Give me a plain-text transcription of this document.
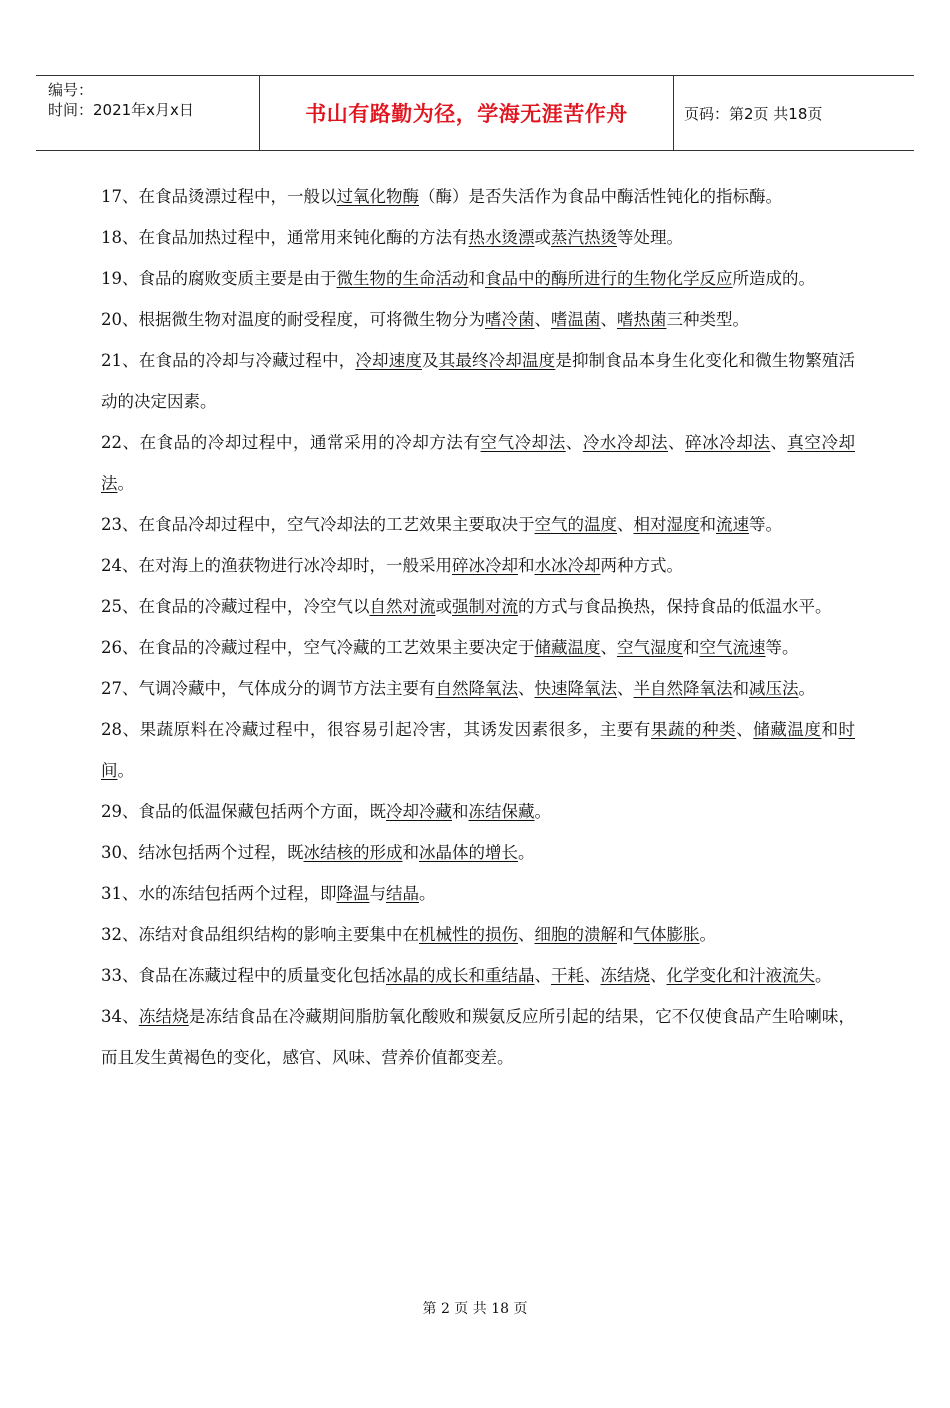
编号：
时间：2021年x月x日	书山有路勤为径，学海无涯苦作舟	页码：第2页 共18页

17、在食品烫漂过程中，一般以过氧化物酶（酶）是否失活作为食品中酶活性钝化的指标酶。

18、在食品加热过程中，通常用来钝化酶的方法有热水烫漂或蒸汽热烫等处理。

19、食品的腐败变质主要是由于微生物的生命活动和食品中的酶所进行的生物化学反应所造成的。

20、根据微生物对温度的耐受程度，可将微生物分为嗜冷菌、嗜温菌、嗜热菌三种类型。

21、在食品的冷却与冷藏过程中，冷却速度及其最终冷却温度是抑制食品本身生化变化和微生物繁殖活动的决定因素。

22、在食品的冷却过程中，通常采用的冷却方法有空气冷却法、冷水冷却法、碎冰冷却法、真空冷却法。

23、在食品冷却过程中，空气冷却法的工艺效果主要取决于空气的温度、相对湿度和流速等。

24、在对海上的渔获物进行冰冷却时，一般采用碎冰冷却和水冰冷却两种方式。

25、在食品的冷藏过程中，冷空气以自然对流或强制对流的方式与食品换热，保持食品的低温水平。

26、在食品的冷藏过程中，空气冷藏的工艺效果主要决定于储藏温度、空气湿度和空气流速等。

27、气调冷藏中，气体成分的调节方法主要有自然降氧法、快速降氧法、半自然降氧法和减压法。

28、果蔬原料在冷藏过程中，很容易引起冷害，其诱发因素很多，主要有果蔬的种类、储藏温度和时间。

29、食品的低温保藏包括两个方面，既冷却冷藏和冻结保藏。

30、结冰包括两个过程，既冰结核的形成和冰晶体的增长。

31、水的冻结包括两个过程，即降温与结晶。

32、冻结对食品组织结构的影响主要集中在机械性的损伤、细胞的溃解和气体膨胀。

33、食品在冻藏过程中的质量变化包括冰晶的成长和重结晶、干耗、冻结烧、化学变化和汁液流失。

34、冻结烧是冻结食品在冷藏期间脂肪氧化酸败和羰氨反应所引起的结果，它不仅使食品产生哈喇味，而且发生黄褐色的变化，感官、风味、营养价值都变差。

第 2 页 共 18 页
